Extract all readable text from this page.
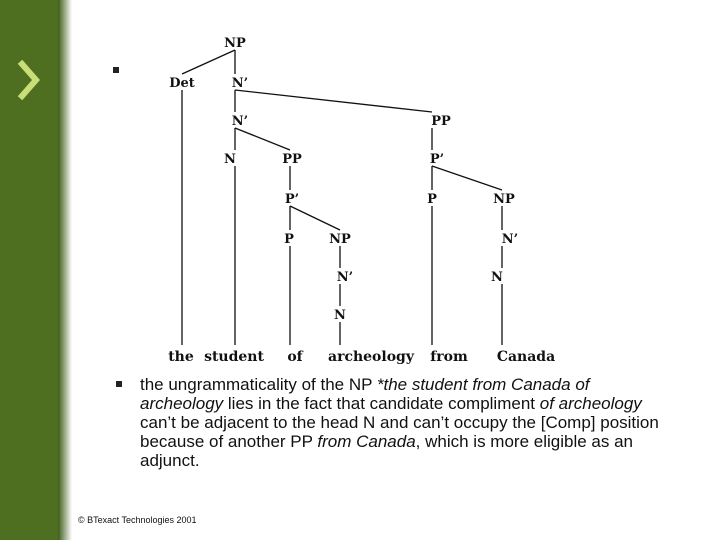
NP
Det	N’
N’	PP
N	PP	P’
P’	P	NP
P	NP	N’
N’	N
N
the student of archeology from Canada
the ungrammaticality of the NP *the student from Canada of archeology lies in the fact that candidate compliment of archeology can’t be adjacent to the head N and can’t occupy the [Comp] position because of another PP from Canada, which is more eligible as an adjunct.
© BTexact Technologies 2001
